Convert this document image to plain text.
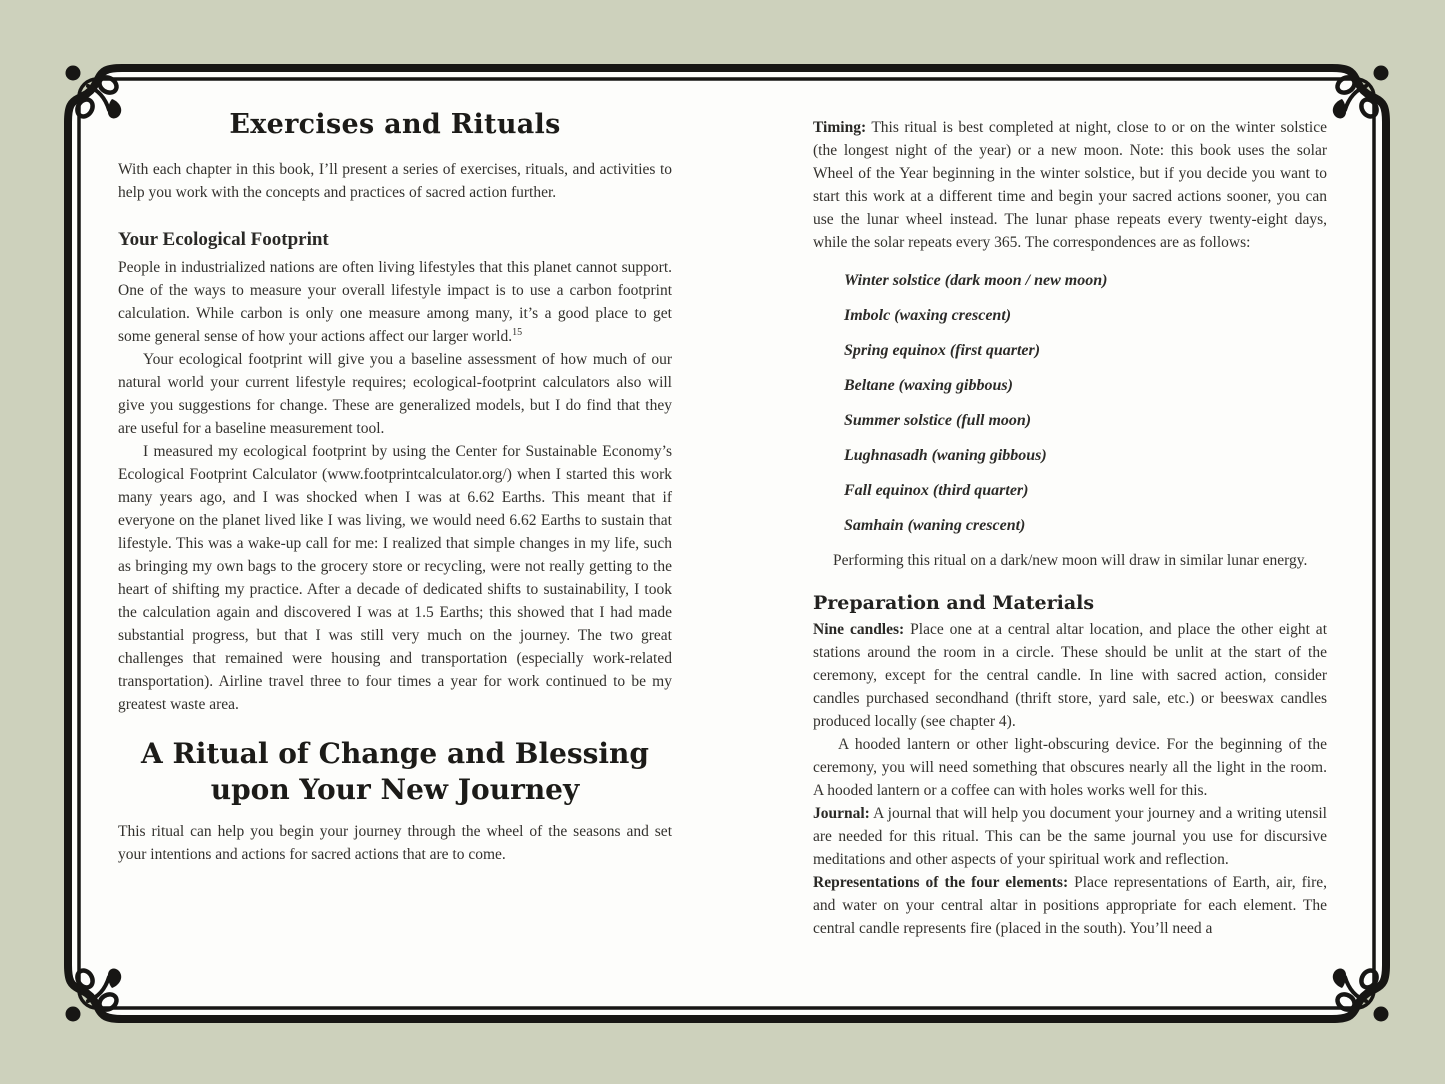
Exercises and Rituals

With each chapter in this book, I’ll present a series of exercises, rituals, and activities to help you work with the concepts and practices of sacred action further.

Your Ecological Footprint

People in industrialized nations are often living lifestyles that this planet cannot support. One of the ways to measure your overall lifestyle impact is to use a carbon footprint calculation. While carbon is only one measure among many, it’s a good place to get some general sense of how your actions affect our larger world.$^{15}$

Your ecological footprint will give you a baseline assessment of how much of our natural world your current lifestyle requires; ecological-footprint calculators also will give you suggestions for change. These are generalized models, but I do find that they are useful for a baseline measurement tool.

I measured my ecological footprint by using the Center for Sustainable Economy’s Ecological Footprint Calculator (www.footprintcalculator.org/) when I started this work many years ago, and I was shocked when I was at 6.62 Earths. This meant that if everyone on the planet lived like I was living, we would need 6.62 Earths to sustain that lifestyle. This was a wake-up call for me: I realized that simple changes in my life, such as bringing my own bags to the grocery store or recycling, were not really getting to the heart of shifting my practice. After a decade of dedicated shifts to sustainability, I took the calculation again and discovered I was at 1.5 Earths; this showed that I had made substantial progress, but that I was still very much on the journey. The two great challenges that remained were housing and transportation (especially work-related transportation). Airline travel three to four times a year for work continued to be my greatest waste area.

A Ritual of Change and Blessing
upon Your New Journey

This ritual can help you begin your journey through the wheel of the seasons and set your intentions and actions for sacred actions that are to come.

Timing: This ritual is best completed at night, close to or on the winter solstice (the longest night of the year) or a new moon. Note: this book uses the solar Wheel of the Year beginning in the winter solstice, but if you decide you want to start this work at a different time and begin your sacred actions sooner, you can use the lunar wheel instead. The lunar phase repeats every twenty-eight days, while the solar repeats every 365. The correspondences are as follows:

Winter solstice (dark moon / new moon)
Imbolc (waxing crescent)
Spring equinox (first quarter)
Beltane (waxing gibbous)
Summer solstice (full moon)
Lughnasadh (waning gibbous)
Fall equinox (third quarter)
Samhain (waning crescent)

Performing this ritual on a dark/new moon will draw in similar lunar energy.

Preparation and Materials

Nine candles: Place one at a central altar location, and place the other eight at stations around the room in a circle. These should be unlit at the start of the ceremony, except for the central candle. In line with sacred action, consider candles purchased secondhand (thrift store, yard sale, etc.) or beeswax candles produced locally (see chapter 4).

A hooded lantern or other light-obscuring device. For the beginning of the ceremony, you will need something that obscures nearly all the light in the room. A hooded lantern or a coffee can with holes works well for this.

Journal: A journal that will help you document your journey and a writing utensil are needed for this ritual. This can be the same journal you use for discursive meditations and other aspects of your spiritual work and reflection.

Representations of the four elements: Place representations of Earth, air, fire, and water on your central altar in positions appropriate for each element. The central candle represents fire (placed in the south). You’ll need a
